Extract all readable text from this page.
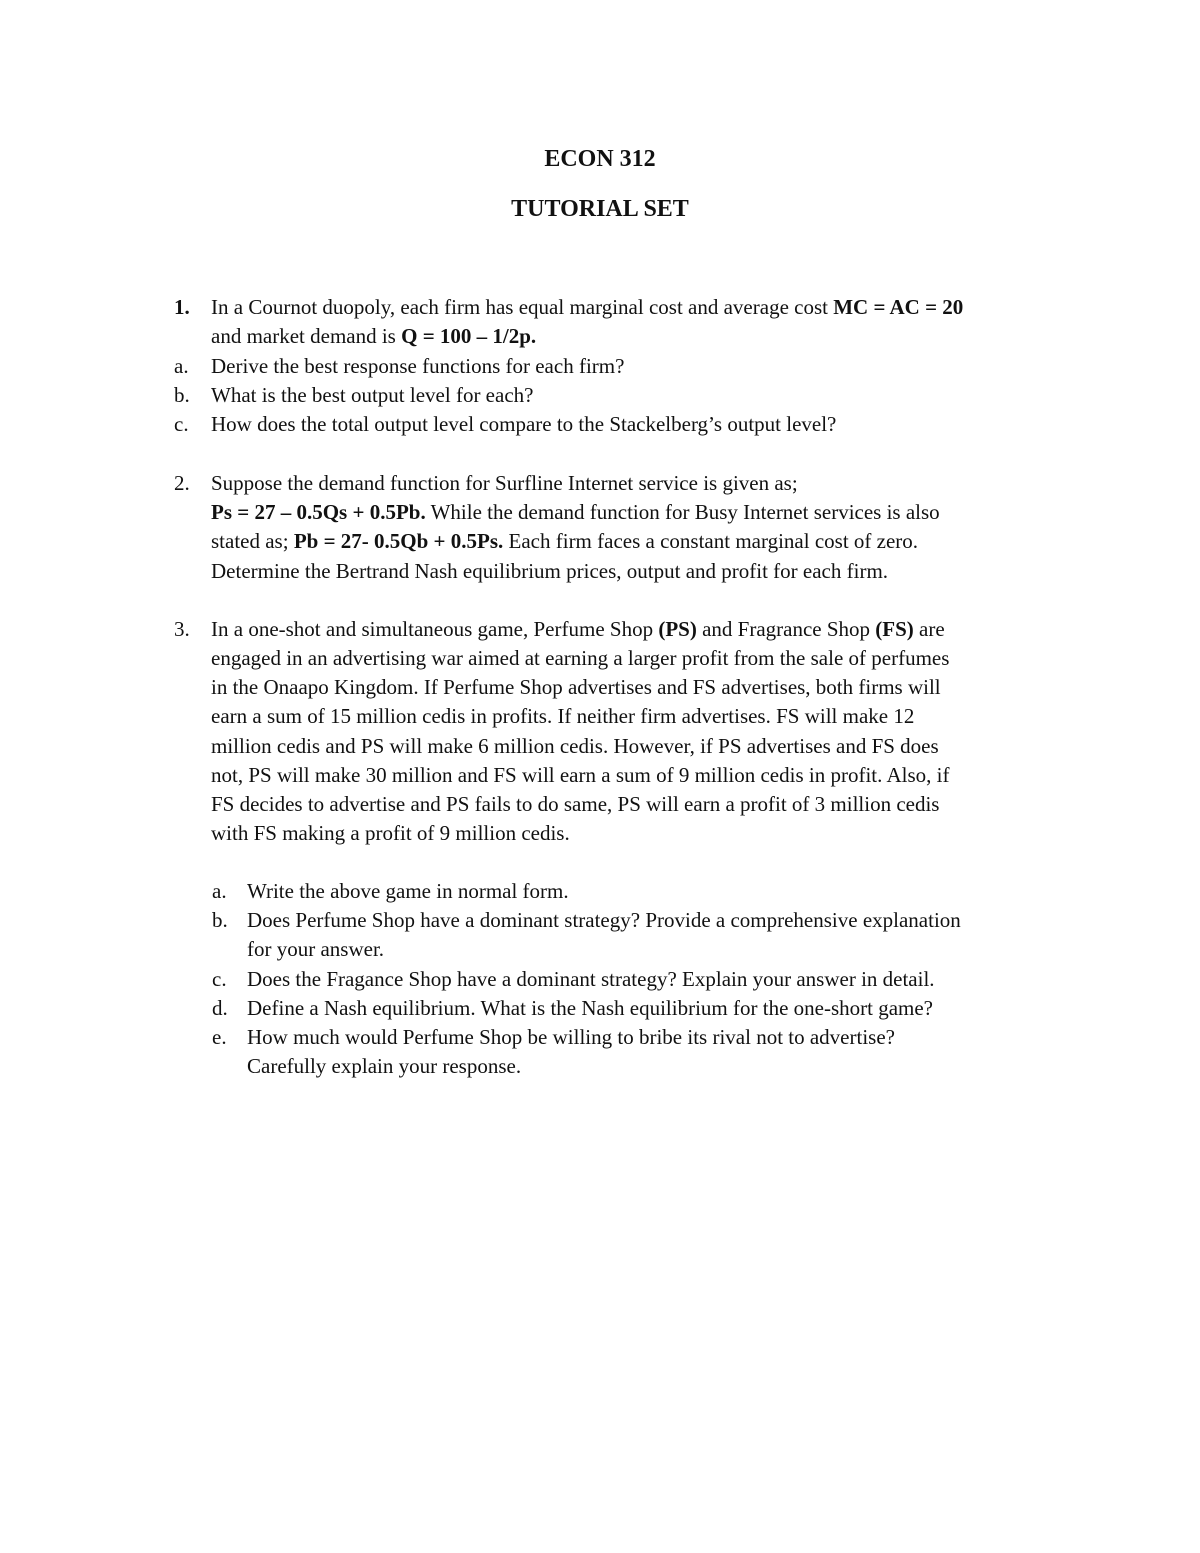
ECON 312
TUTORIAL SET
1. In a Cournot duopoly, each firm has equal marginal cost and average cost MC = AC = 20
and market demand is Q = 100 – 1/2p.
a. Derive the best response functions for each firm?
b. What is the best output level for each?
c. How does the total output level compare to the Stackelberg’s output level?
2. Suppose the demand function for Surfline Internet service is given as;
Ps = 27 – 0.5Qs + 0.5Pb. While the demand function for Busy Internet services is also
stated as; Pb = 27- 0.5Qb + 0.5Ps. Each firm faces a constant marginal cost of zero.
Determine the Bertrand Nash equilibrium prices, output and profit for each firm.
3. In a one-shot and simultaneous game, Perfume Shop (PS) and Fragrance Shop (FS) are
engaged in an advertising war aimed at earning a larger profit from the sale of perfumes
in the Onaapo Kingdom. If Perfume Shop advertises and FS advertises, both firms will
earn a sum of 15 million cedis in profits. If neither firm advertises. FS will make 12
million cedis and PS will make 6 million cedis. However, if PS advertises and FS does
not, PS will make 30 million and FS will earn a sum of 9 million cedis in profit. Also, if
FS decides to advertise and PS fails to do same, PS will earn a profit of 3 million cedis
with FS making a profit of 9 million cedis.
a. Write the above game in normal form.
b. Does Perfume Shop have a dominant strategy? Provide a comprehensive explanation
for your answer.
c. Does the Fragance Shop have a dominant strategy? Explain your answer in detail.
d. Define a Nash equilibrium. What is the Nash equilibrium for the one-short game?
e. How much would Perfume Shop be willing to bribe its rival not to advertise?
Carefully explain your response.
